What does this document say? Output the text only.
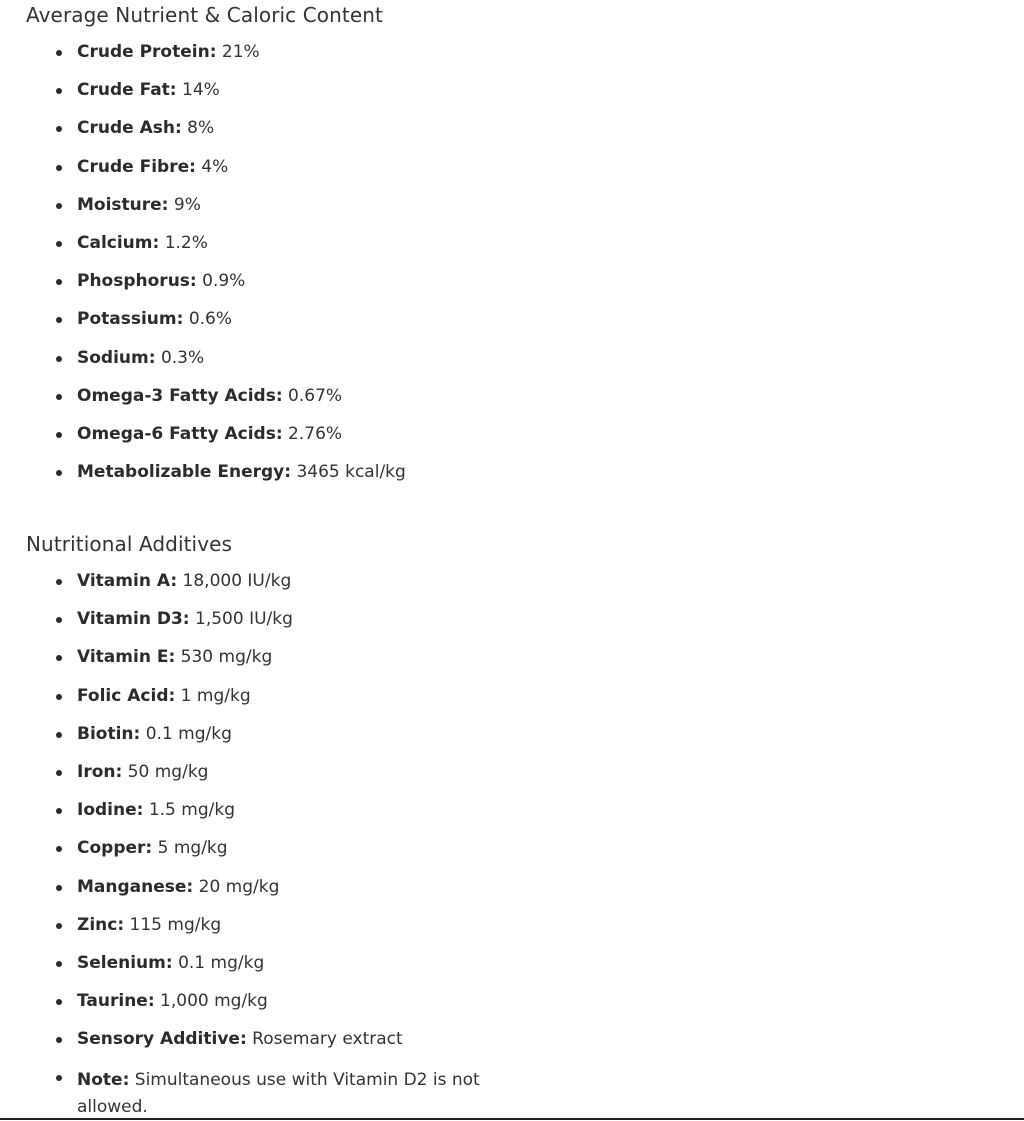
Average Nutrient & Caloric Content
Crude Protein: 21%
Crude Fat: 14%
Crude Ash: 8%
Crude Fibre: 4%
Moisture: 9%
Calcium: 1.2%
Phosphorus: 0.9%
Potassium: 0.6%
Sodium: 0.3%
Omega-3 Fatty Acids: 0.67%
Omega-6 Fatty Acids: 2.76%
Metabolizable Energy: 3465 kcal/kg
Nutritional Additives
Vitamin A: 18,000 IU/kg
Vitamin D3: 1,500 IU/kg
Vitamin E: 530 mg/kg
Folic Acid: 1 mg/kg
Biotin: 0.1 mg/kg
Iron: 50 mg/kg
Iodine: 1.5 mg/kg
Copper: 5 mg/kg
Manganese: 20 mg/kg
Zinc: 115 mg/kg
Selenium: 0.1 mg/kg
Taurine: 1,000 mg/kg
Sensory Additive: Rosemary extract
Note: Simultaneous use with Vitamin D2 is not allowed.
